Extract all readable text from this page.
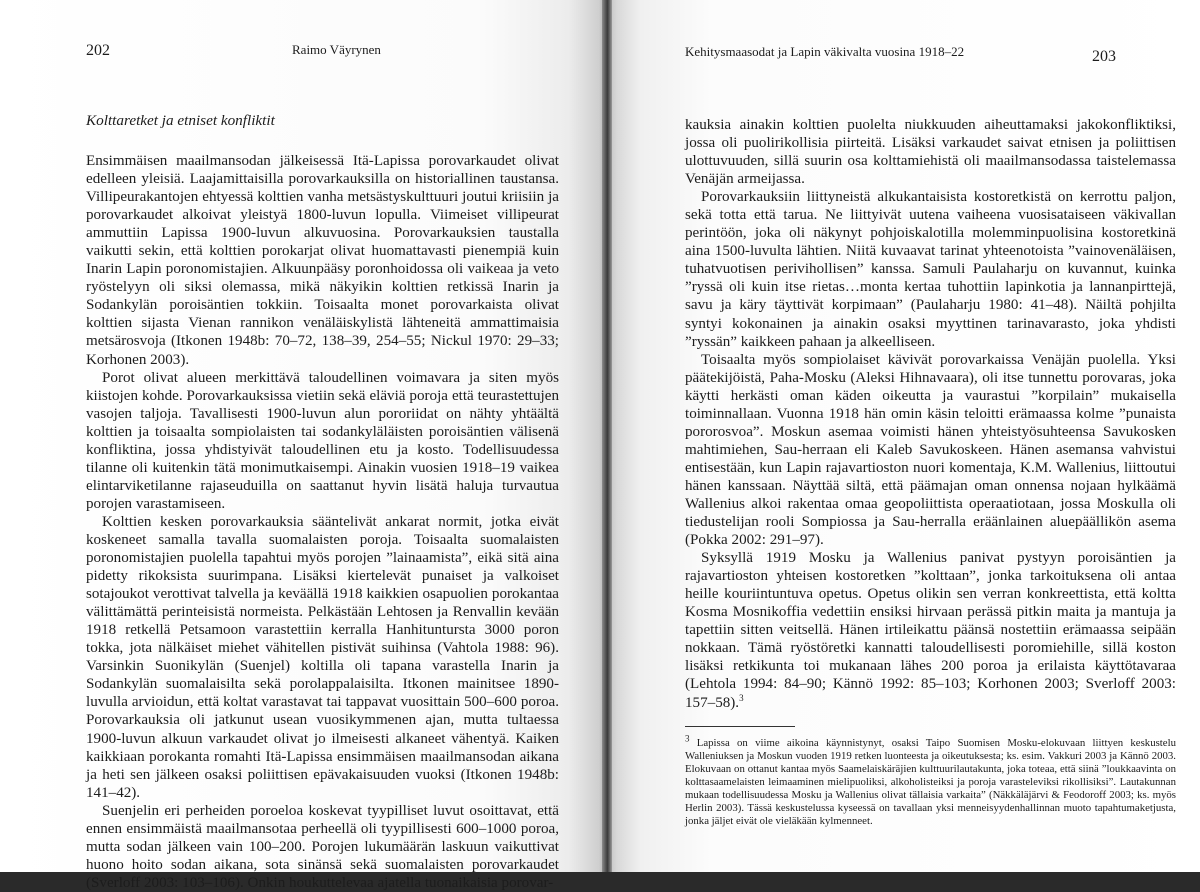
202	Raimo Väyrynen
Kolttaretket ja etniset konfliktit

Ensimmäisen maailmansodan jälkeisessä Itä-Lapissa porovarkaudet olivat edelleen yleisiä. Laajamittaisilla porovarkauksilla on historiallinen taustansa. Villipeurakantojen ehtyessä kolttien vanha metsästyskulttuuri joutui kriisiin ja porovarkaudet alkoivat yleistyä 1800-luvun lopulla. Viimeiset villipeurat ammuttiin Lapissa 1900-luvun alkuvuosina. Porovarkauksien taustalla vaikutti sekin, että kolttien porokarjat olivat huomattavasti pienempiä kuin Inarin Lapin poronomistajien. Alkuunpääsy poronhoidossa oli vaikeaa ja veto ryöstelyyn oli siksi olemassa, mikä näkyikin kolttien retkissä Inarin ja Sodankylän poroisäntien tokkiin. Toisaalta monet porovarkaista olivat kolttien sijasta Vienan rannikon venäläiskylistä lähteneitä ammattimaisia metsärosvoja (Itkonen 1948b: 70–72, 138–39, 254–55; Nickul 1970: 29–33; Korhonen 2003).

Porot olivat alueen merkittävä taloudellinen voimavara ja siten myös kiistojen kohde. Porovarkauksissa vietiin sekä eläviä poroja että teurastettujen vasojen taljoja. Tavallisesti 1900-luvun alun pororiidat on nähty yhtäältä kolttien ja toisaalta sompiolaisten tai sodankyläläisten poroisäntien välisenä konfliktina, jossa yhdistyivät taloudellinen etu ja kosto. Todellisuudessa tilanne oli kuitenkin tätä monimutkaisempi. Ainakin vuosien 1918–19 vaikea elintarviketilanne rajaseuduilla on saattanut hyvin lisätä haluja turvautua porojen varastamiseen.

Kolttien kesken porovarkauksia sääntelivät ankarat normit, jotka eivät koskeneet samalla tavalla suomalaisten poroja. Toisaalta suomalaisten poronomistajien puolella tapahtui myös porojen ”lainaamista”, eikä sitä aina pidetty rikoksista suurimpana. Lisäksi kiertelevät punaiset ja valkoiset sotajoukot verottivat talvella ja keväällä 1918 kaikkien osapuolien porokantaa välittämättä perinteisistä normeista. Pelkästään Lehtosen ja Renvallin kevään 1918 retkellä Petsamoon varastettiin kerralla Hanhituntursta 3000 poron tokka, jota nälkäiset miehet vähitellen pistivät suihinsa (Vahtola 1988: 96). Varsinkin Suonikylän (Suenjel) koltilla oli tapana varastella Inarin ja Sodankylän suomalaisilta sekä porolappalaisilta. Itkonen mainitsee 1890-luvulla arvioidun, että koltat varastavat tai tappavat vuosittain 500–600 poroa. Porovarkauksia oli jatkunut usean vuosikymmenen ajan, mutta tultaessa 1900-luvun alkuun varkaudet olivat jo ilmeisesti alkaneet vähentyä. Kaiken kaikkiaan porokanta romahti Itä-Lapissa ensimmäisen maailmansodan aikana ja heti sen jälkeen osaksi poliittisen epävakaisuuden vuoksi (Itkonen 1948b: 141–42).

Suenjelin eri perheiden poroeloa koskevat tyypilliset luvut osoittavat, että ennen ensimmäistä maailmansotaa perheellä oli tyypillisesti 600–1000 poroa, mutta sodan jälkeen vain 100–200. Porojen lukumäärän laskuun vaikuttivat huono hoito sodan aikana, sota sinänsä sekä suomalaisten porovarkaudet (Sverloff 2003: 103–106). Onkin houkuttelevaa ajatella tuonaikaisia porovar-

Kehitysmaasodat ja Lapin väkivalta vuosina 1918–22	203

kauksia ainakin kolttien puolelta niukkuuden aiheuttamaksi jakokonfliktiksi, jossa oli puolirikollisia piirteitä. Lisäksi varkaudet saivat etnisen ja poliittisen ulottuvuuden, sillä suurin osa kolttamiehistä oli maailmansodassa taistelemassa Venäjän armeijassa.

Porovarkauksiin liittyneistä alkukantaisista kostoretkistä on kerrottu paljon, sekä totta että tarua. Ne liittyivät uutena vaiheena vuosisataiseen väkivallan perintöön, joka oli näkynyt pohjoiskalotilla molemminpuolisina kostoretkinä aina 1500-luvulta lähtien. Niitä kuvaavat tarinat yhteenotoista ”vainovenäläisen, tuhatvuotisen perivihollisen” kanssa. Samuli Paulaharju on kuvannut, kuinka ”ryssä oli kuin itse rietas…monta kertaa tuhottiin lapinkotia ja lannanpirttejä, savu ja käry täyttivät korpimaan” (Paulaharju 1980: 41–48). Näiltä pohjilta syntyi kokonainen ja ainakin osaksi myyttinen tarinavarasto, joka yhdisti ”ryssän” kaikkeen pahaan ja alkeelliseen.

Toisaalta myös sompiolaiset kävivät porovarkaissa Venäjän puolella. Yksi päätekijöistä, Paha-Mosku (Aleksi Hihnavaara), oli itse tunnettu porovaras, joka käytti herkästi oman käden oikeutta ja vaurastui ”korpilain” mukaisella toiminnallaan. Vuonna 1918 hän omin käsin teloitti erämaassa kolme ”punaista pororosvoa”. Moskun asemaa voimisti hänen yhteistyösuhteensa Savukosken mahtimiehen, Sau-herraan eli Kaleb Savukoskeen. Hänen asemansa vahvistui entisestään, kun Lapin rajavartioston nuori komentaja, K.M. Wallenius, liittoutui hänen kanssaan. Näyttää siltä, että päämajan oman onnensa nojaan hylkäämä Wallenius alkoi rakentaa omaa geopoliittista operaatiotaan, jossa Moskulla oli tiedustelijan rooli Sompiossa ja Sau-herralla eräänlainen aluepäällikön asema (Pokka 2002: 291–97).

Syksyllä 1919 Mosku ja Wallenius panivat pystyyn poroisäntien ja rajavartioston yhteisen kostoretken ”kolttaan”, jonka tarkoituksena oli antaa heille kouriintuntuva opetus. Opetus olikin sen verran konkreettista, että koltta Kosma Mosnikoffia vedettiin ensiksi hirvaan perässä pitkin maita ja mantuja ja tapettiin sitten veitsellä. Hänen irtileikattu päänsä nostettiin erämaassa seipään nokkaan. Tämä ryöstöretki kannatti taloudellisesti poromiehille, sillä koston lisäksi retkikunta toi mukanaan lähes 200 poroa ja erilaista käyttötavaraa (Lehtola 1994: 84–90; Kännö 1992: 85–103; Korhonen 2003; Sverloff 2003: 157–58).$^3$

$^3$ Lapissa on viime aikoina käynnistynyt, osaksi Taipo Suomisen Mosku-elokuvaan liittyen keskustelu Walleniuksen ja Moskun vuoden 1919 retken luonteesta ja oikeutuksesta; ks. esim. Vakkuri 2003 ja Kännö 2003. Elokuvaan on ottanut kantaa myös Saamelaiskäräjien kulttuurilautakunta, joka toteaa, että siinä ”loukkaavinta on kolttasaamelaisten leimaaminen mielipuoliksi, alkoholisteiksi ja poroja varasteleviksi rikollisiksi”. Lautakunnan mukaan todellisuudessa Mosku ja Wallenius olivat tällaisia varkaita” (Näkkäläjärvi & Feodoroff 2003; ks. myös Herlin 2003). Tässä keskustelussa kyseessä on tavallaan yksi menneisyydenhallinnan muoto tapahtumaketjusta, jonka jäljet eivät ole vieläkään kylmenneet.
